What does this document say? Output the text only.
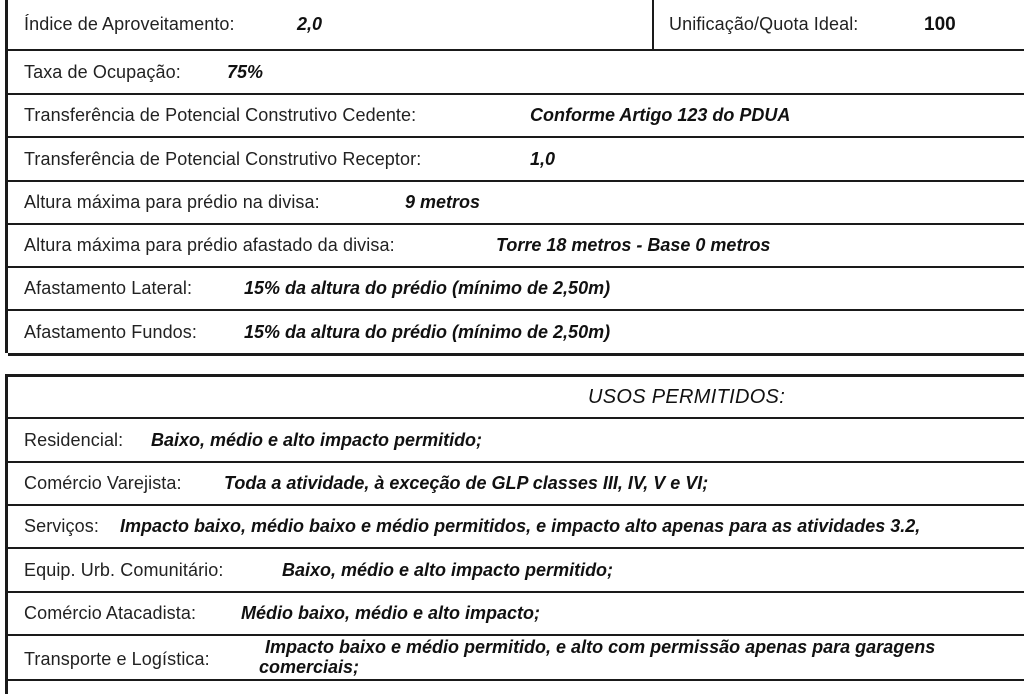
Índice de Aproveitamento:	2,0	Unificação/Quota Ideal:	100
Taxa de Ocupação:	75%
Transferência de Potencial Construtivo Cedente:	Conforme Artigo 123 do PDUA
Transferência de Potencial Construtivo Receptor:	1,0
Altura máxima para prédio na divisa:	9 metros
Altura máxima para prédio afastado da divisa:	Torre 18 metros - Base 0 metros
Afastamento Lateral:	15% da altura do prédio (mínimo de 2,50m)
Afastamento Fundos:	15% da altura do prédio (mínimo de 2,50m)
USOS PERMITIDOS:
Residencial: Baixo, médio e alto impacto permitido;
Comércio Varejista: Toda a atividade, à exceção de GLP classes III, IV, V e VI;
Serviços: Impacto baixo, médio baixo e médio permitidos, e impacto alto apenas para as atividades 3.2,
Equip. Urb. Comunitário:	Baixo, médio e alto impacto permitido;
Comércio Atacadista: Médio baixo, médio e alto impacto;
Transporte e Logística:
Impacto baixo e médio permitido, e alto com permissão apenas para garagens
comerciais;
